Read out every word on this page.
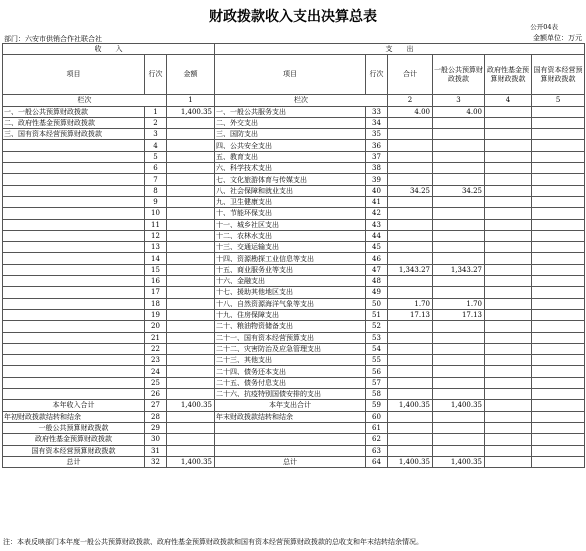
财政拨款收入支出决算总表
公开04表
部门：六安市供销合作社联合社	金额单位：万元
收　　入			支　　出					
项目	行次	金额	项目	行次	合计	一般公共预算财政拨款	政府性基金预算财政拨款	国有资本经营预算财政拨款
栏次		1	栏次		2	3	4	5
一、一般公共预算财政拨款	1	1,400.35	一、一般公共服务支出	33	4.00	4.00		
二、政府性基金预算财政拨款	2		二、外交支出	34				
三、国有资本经营预算财政拨款	3		三、国防支出	35				
	4		四、公共安全支出	36				
	5		五、教育支出	37				
	6		六、科学技术支出	38				
	7		七、文化旅游体育与传媒支出	39				
	8		八、社会保障和就业支出	40	34.25	34.25		
	9		九、卫生健康支出	41				
	10		十、节能环保支出	42				
	11		十一、城乡社区支出	43				
	12		十二、农林水支出	44				
	13		十三、交通运输支出	45				
	14		十四、资源勘探工业信息等支出	46				
	15		十五、商业服务业等支出	47	1,343.27	1,343.27		
	16		十六、金融支出	48				
	17		十七、援助其他地区支出	49				
	18		十八、自然资源海洋气象等支出	50	1.70	1.70		
	19		十九、住房保障支出	51	17.13	17.13		
	20		二十、粮油物资储备支出	52				
	21		二十一、国有资本经营预算支出	53				
	22		二十二、灾害防治及应急管理支出	54				
	23		二十三、其他支出	55				
	24		二十四、债务还本支出	56				
	25		二十五、债务付息支出	57				
	26		二十六、抗疫特别国债安排的支出	58				
本年收入合计	27	1,400.35	本年支出合计	59	1,400.35	1,400.35		
年初财政拨款结转和结余	28		年末财政拨款结转和结余	60				
一般公共预算财政拨款	29			61				
政府性基金预算财政拨款	30			62				
国有资本经营预算财政拨款	31			63				
总计	32	1,400.35	总计	64	1,400.35	1,400.35		
注：本表反映部门本年度一般公共预算财政拨款、政府性基金预算财政拨款和国有资本经营预算财政拨款的总收支和年末结转结余情况。
